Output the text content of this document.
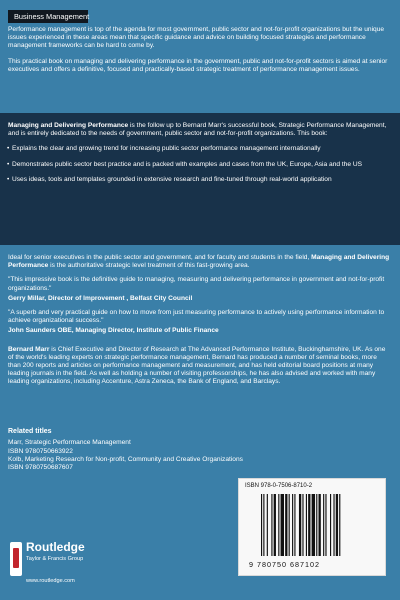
Business Management

Performance management is top of the agenda for most government, public sector and not-for-profit organizations but the unique issues experienced in these areas mean that specific guidance and advice on building focused strategies and performance management frameworks can be hard to come by.

This practical book on managing and delivering performance in the government, public and not-for-profit sectors is aimed at senior executives and offers a definitive, focused and practically-based strategic treatment of performance management issues.

Managing and Delivering Performance is the follow up to Bernard Marr's successful book, Strategic Performance Management, and is entirely dedicated to the needs of government, public sector and not-for-profit organizations. This book:

• Explains the clear and growing trend for increasing public sector performance management internationally
• Demonstrates public sector best practice and is packed with examples and cases from the UK, Europe, Asia and the US
• Uses ideas, tools and templates grounded in extensive research and fine-tuned through real-world application

Ideal for senior executives in the public sector and government, and for faculty and students in the field, Managing and Delivering Performance is the authoritative strategic level treatment of this fast-growing area.

"This impressive book is the definitive guide to managing, measuring and delivering performance in government and not-for-profit organizations."

Gerry Millar, Director of Improvement , Belfast City Council

"A superb and very practical guide on how to move from just measuring performance to actively using performance information to achieve organizational success."

John Saunders OBE, Managing Director, Institute of Public Finance

Bernard Marr is Chief Executive and Director of Research at The Advanced Performance Institute, Buckinghamshire, UK. As one of the world's leading experts on strategic performance management, Bernard has produced a number of seminal books, more than 200 reports and articles on performance management and measurement, and has held editorial board positions at many leading journals in the field. As well as holding a number of visiting professorships, he has also advised and worked with many leading organizations, including Accenture, Astra Zeneca, the Bank of England, and Barclays.

Related titles
Marr, Strategic Performance Management
ISBN 9780750663922
Kolb, Marketing Research for Non-profit, Community and Creative Organizations
ISBN 9780750687607
Routledge
Taylor & Francis Group
www.routledge.com
ISBN 978-0-7506-8710-2
9 780750 687102
